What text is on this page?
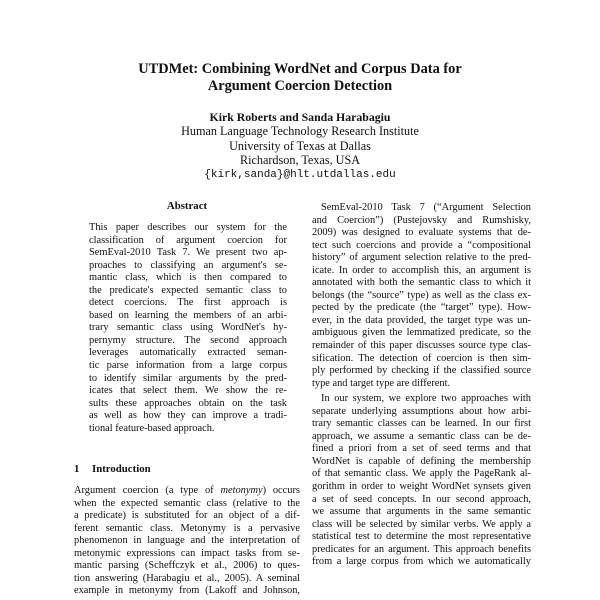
UTDMet: Combining WordNet and Corpus Data for
Argument Coercion Detection
Kirk Roberts and Sanda Harabagiu
Human Language Technology Research Institute
University of Texas at Dallas
Richardson, Texas, USA
{kirk,sanda}@hlt.utdallas.edu
Abstract
This paper describes our system for the
classification of argument coercion for
SemEval-2010 Task 7. We present two ap-
proaches to classifying an argument's se-
mantic class, which is then compared to
the predicate's expected semantic class to
detect coercions. The first approach is
based on learning the members of an arbi-
trary semantic class using WordNet's hy-
pernymy structure. The second approach
leverages automatically extracted seman-
tic parse information from a large corpus
to identify similar arguments by the pred-
icates that select them. We show the re-
sults these approaches obtain on the task
as well as how they can improve a tradi-
tional feature-based approach.
1 Introduction
Argument coercion (a type of metonymy) occurs
when the expected semantic class (relative to the
a predicate) is substituted for an object of a dif-
ferent semantic class. Metonymy is a pervasive
phenomenon in language and the interpretation of
metonymic expressions can impact tasks from se-
mantic parsing (Scheffczyk et al., 2006) to ques-
tion answering (Harabagiu et al., 2005). A seminal
example in metonymy from (Lakoff and Johnson,
SemEval-2010 Task 7 (“Argument Selection
and Coercion”) (Pustejovsky and Rumshisky,
2009) was designed to evaluate systems that de-
tect such coercions and provide a “compositional
history” of argument selection relative to the pred-
icate. In order to accomplish this, an argument is
annotated with both the semantic class to which it
belongs (the “source” type) as well as the class ex-
pected by the predicate (the “target” type). How-
ever, in the data provided, the target type was un-
ambiguous given the lemmatized predicate, so the
remainder of this paper discusses source type clas-
sification. The detection of coercion is then sim-
ply performed by checking if the classified source
type and target type are different.
In our system, we explore two approaches with
separate underlying assumptions about how arbi-
trary semantic classes can be learned. In our first
approach, we assume a semantic class can be de-
fined a priori from a set of seed terms and that
WordNet is capable of defining the membership
of that semantic class. We apply the PageRank al-
gorithm in order to weight WordNet synsets given
a set of seed concepts. In our second approach,
we assume that arguments in the same semantic
class will be selected by similar verbs. We apply a
statistical test to determine the most representative
predicates for an argument. This approach benefits
from a large corpus from which we automatically
